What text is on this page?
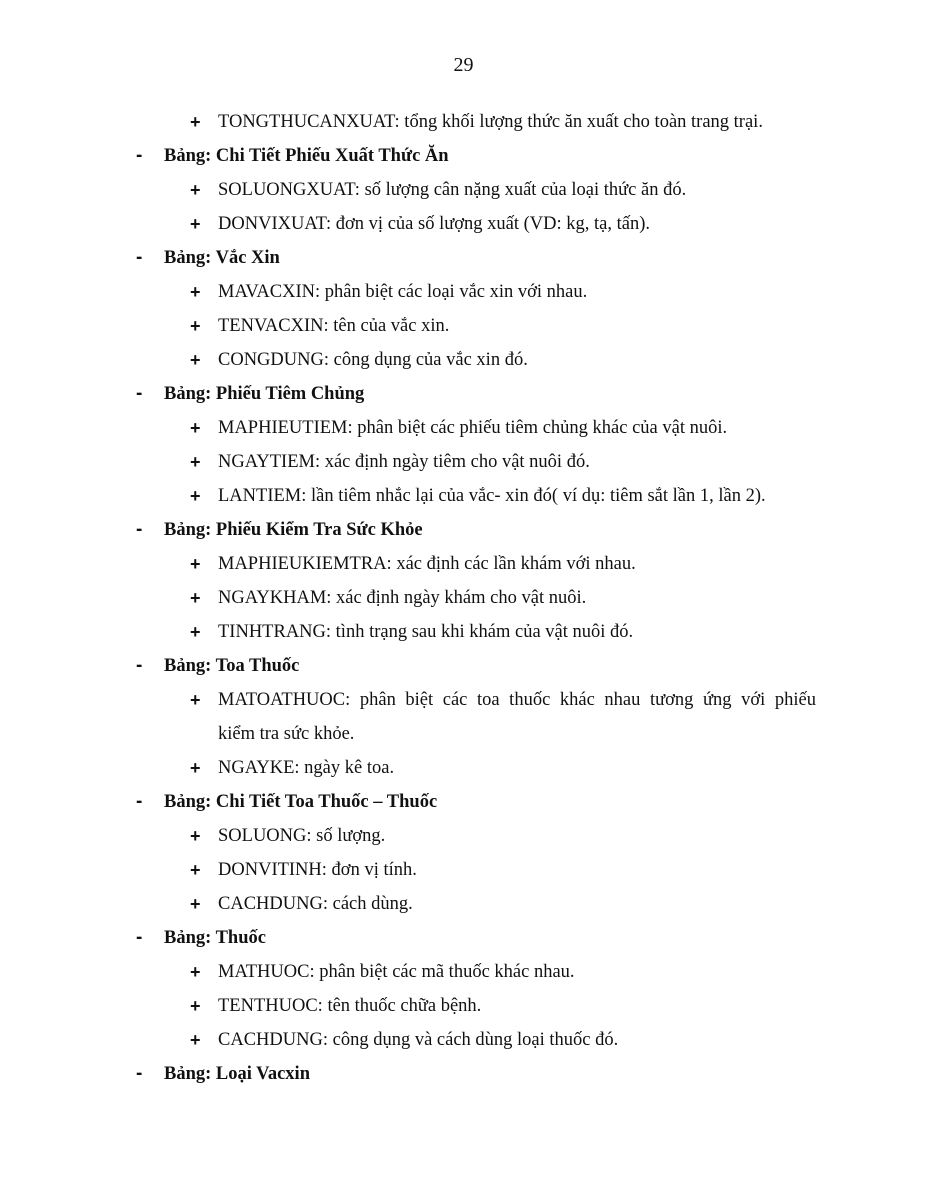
29
+ TONGTHUCANXUAT: tổng khối lượng thức ăn xuất cho toàn trang trại.
- Bảng: Chi Tiết Phiếu Xuất Thức Ăn
+ SOLUONGXUAT: số lượng cân nặng xuất của loại thức ăn đó.
+ DONVIXUAT: đơn vị của số lượng xuất (VD: kg, tạ, tấn).
- Bảng: Vắc Xin
+ MAVACXIN: phân biệt các loại vắc xin với nhau.
+ TENVACXIN: tên của vắc xin.
+ CONGDUNG: công dụng của vắc xin đó.
- Bảng: Phiếu Tiêm Chủng
+ MAPHIEUTIEM: phân biệt các phiếu tiêm chủng khác của vật nuôi.
+ NGAYTIEM: xác định ngày tiêm cho vật nuôi đó.
+ LANTIEM: lần tiêm nhắc lại của vắc- xin đó( ví dụ: tiêm sắt lần 1, lần 2).
- Bảng: Phiếu Kiểm Tra Sức Khỏe
+ MAPHIEUKIEMTRA: xác định các lần khám với nhau.
+ NGAYKHAM: xác định ngày khám cho vật nuôi.
+ TINHTRANG: tình trạng sau khi khám của vật nuôi đó.
- Bảng: Toa Thuốc
+ MATOATHUOC: phân biệt các toa thuốc khác nhau tương ứng với phiếu
kiểm tra sức khỏe.
+ NGAYKE: ngày kê toa.
- Bảng: Chi Tiết Toa Thuốc – Thuốc
+ SOLUONG: số lượng.
+ DONVITINH: đơn vị tính.
+ CACHDUNG: cách dùng.
- Bảng: Thuốc
+ MATHUOC: phân biệt các mã thuốc khác nhau.
+ TENTHUOC: tên thuốc chữa bệnh.
+ CACHDUNG: công dụng và cách dùng loại thuốc đó.
- Bảng: Loại Vacxin
